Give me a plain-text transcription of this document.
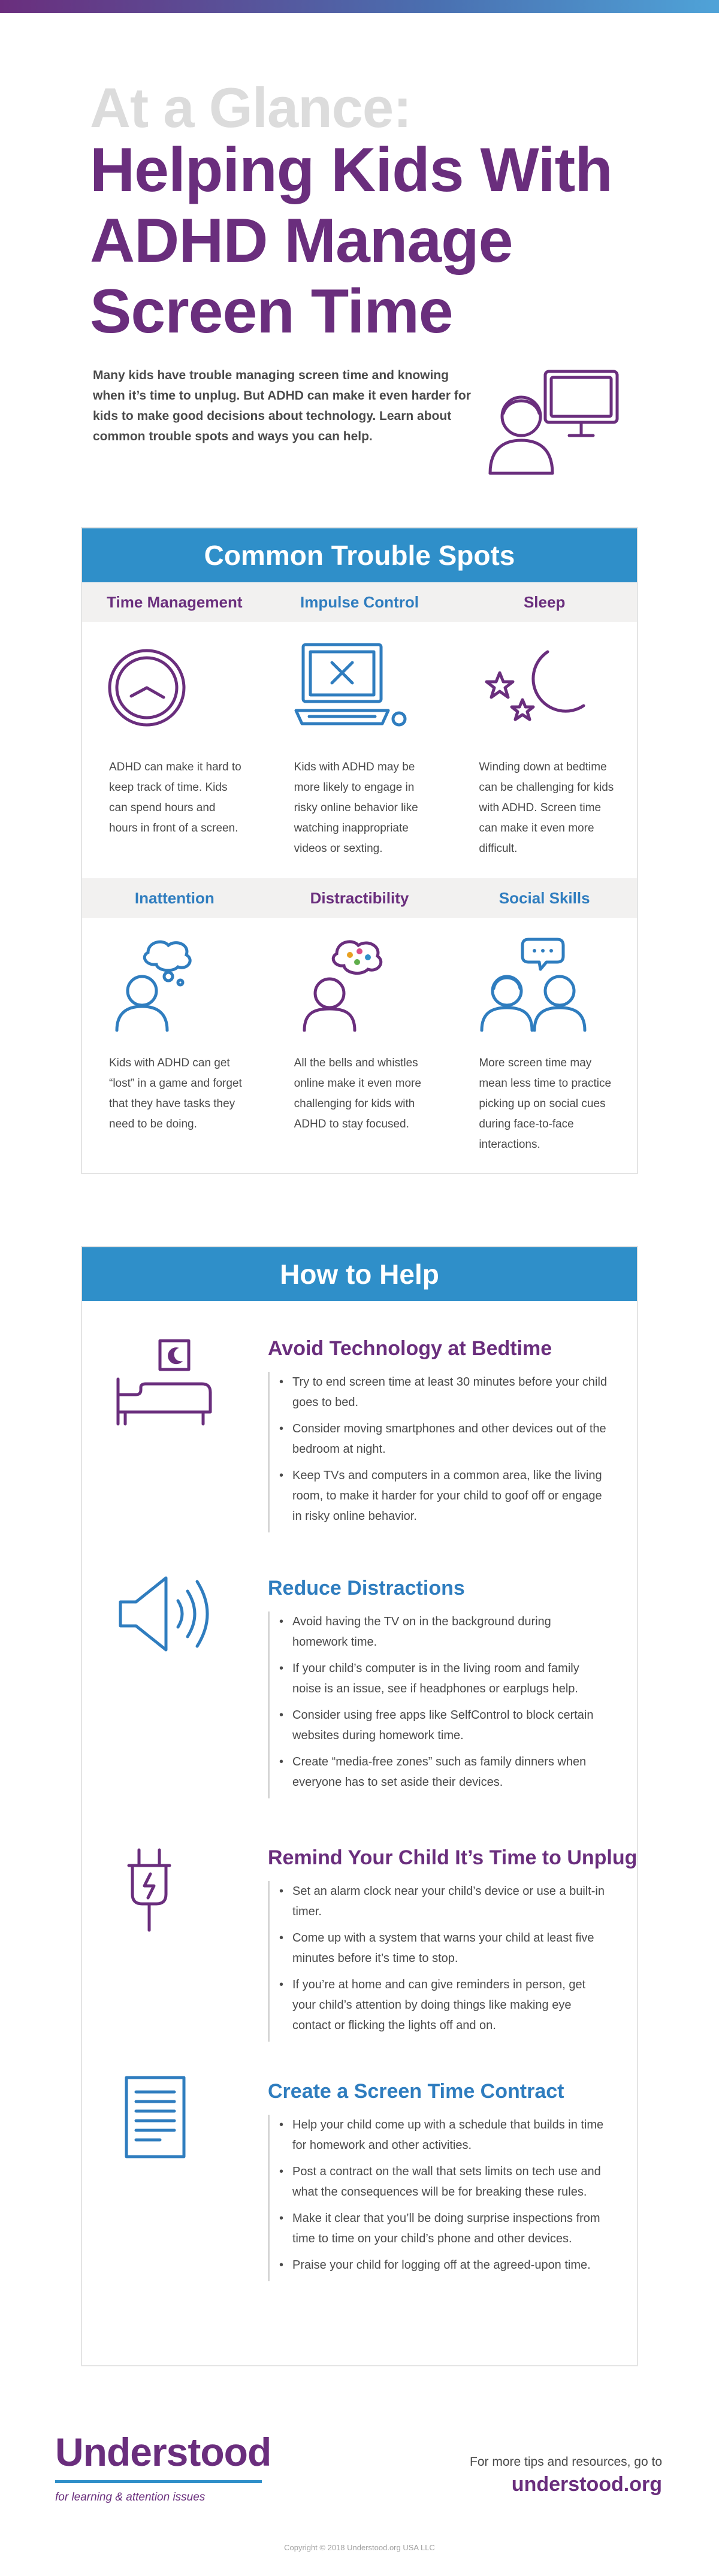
At a Glance:
Helping Kids With
ADHD Manage
Screen Time
Many kids have trouble managing screen time and knowing when it’s time to unplug. But ADHD can make it even harder for kids to make good decisions about technology. Learn about common trouble spots and ways you can help.
Common Trouble Spots
Time Management
ADHD can make it hard to keep track of time. Kids can spend hours and hours in front of a screen.
Impulse Control
Kids with ADHD may be more likely to engage in risky online behavior like watching inappropriate videos or sexting.
Sleep
Winding down at bedtime can be challenging for kids with ADHD. Screen time can make it even more difficult.
Inattention
Kids with ADHD can get “lost” in a game and forget that they have tasks they need to be doing.
Distractibility
All the bells and whistles online make it even more challenging for kids with ADHD to stay focused.
Social Skills
More screen time may mean less time to practice picking up on social cues during face-to-face interactions.
How to Help
Avoid Technology at Bedtime
• Try to end screen time at least 30 minutes before your child goes to bed.
• Consider moving smartphones and other devices out of the bedroom at night.
• Keep TVs and computers in a common area, like the living room, to make it harder for your child to goof off or engage in risky online behavior.
Reduce Distractions
• Avoid having the TV on in the background during homework time.
• If your child’s computer is in the living room and family noise is an issue, see if headphones or earplugs help.
• Consider using free apps like SelfControl to block certain websites during homework time.
• Create “media-free zones” such as family dinners when everyone has to set aside their devices.
Remind Your Child It’s Time to Unplug
• Set an alarm clock near your child’s device or use a built-in timer.
• Come up with a system that warns your child at least five minutes before it’s time to stop.
• If you’re at home and can give reminders in person, get your child’s attention by doing things like making eye contact or flicking the lights off and on.
Create a Screen Time Contract
• Help your child come up with a schedule that builds in time for homework and other activities.
• Post a contract on the wall that sets limits on tech use and what the consequences will be for breaking these rules.
• Make it clear that you’ll be doing surprise inspections from time to time on your child’s phone and other devices.
• Praise your child for logging off at the agreed-upon time.
Understood
for learning & attention issues
For more tips and resources, go to
understood.org
Copyright © 2018 Understood.org USA LLC
